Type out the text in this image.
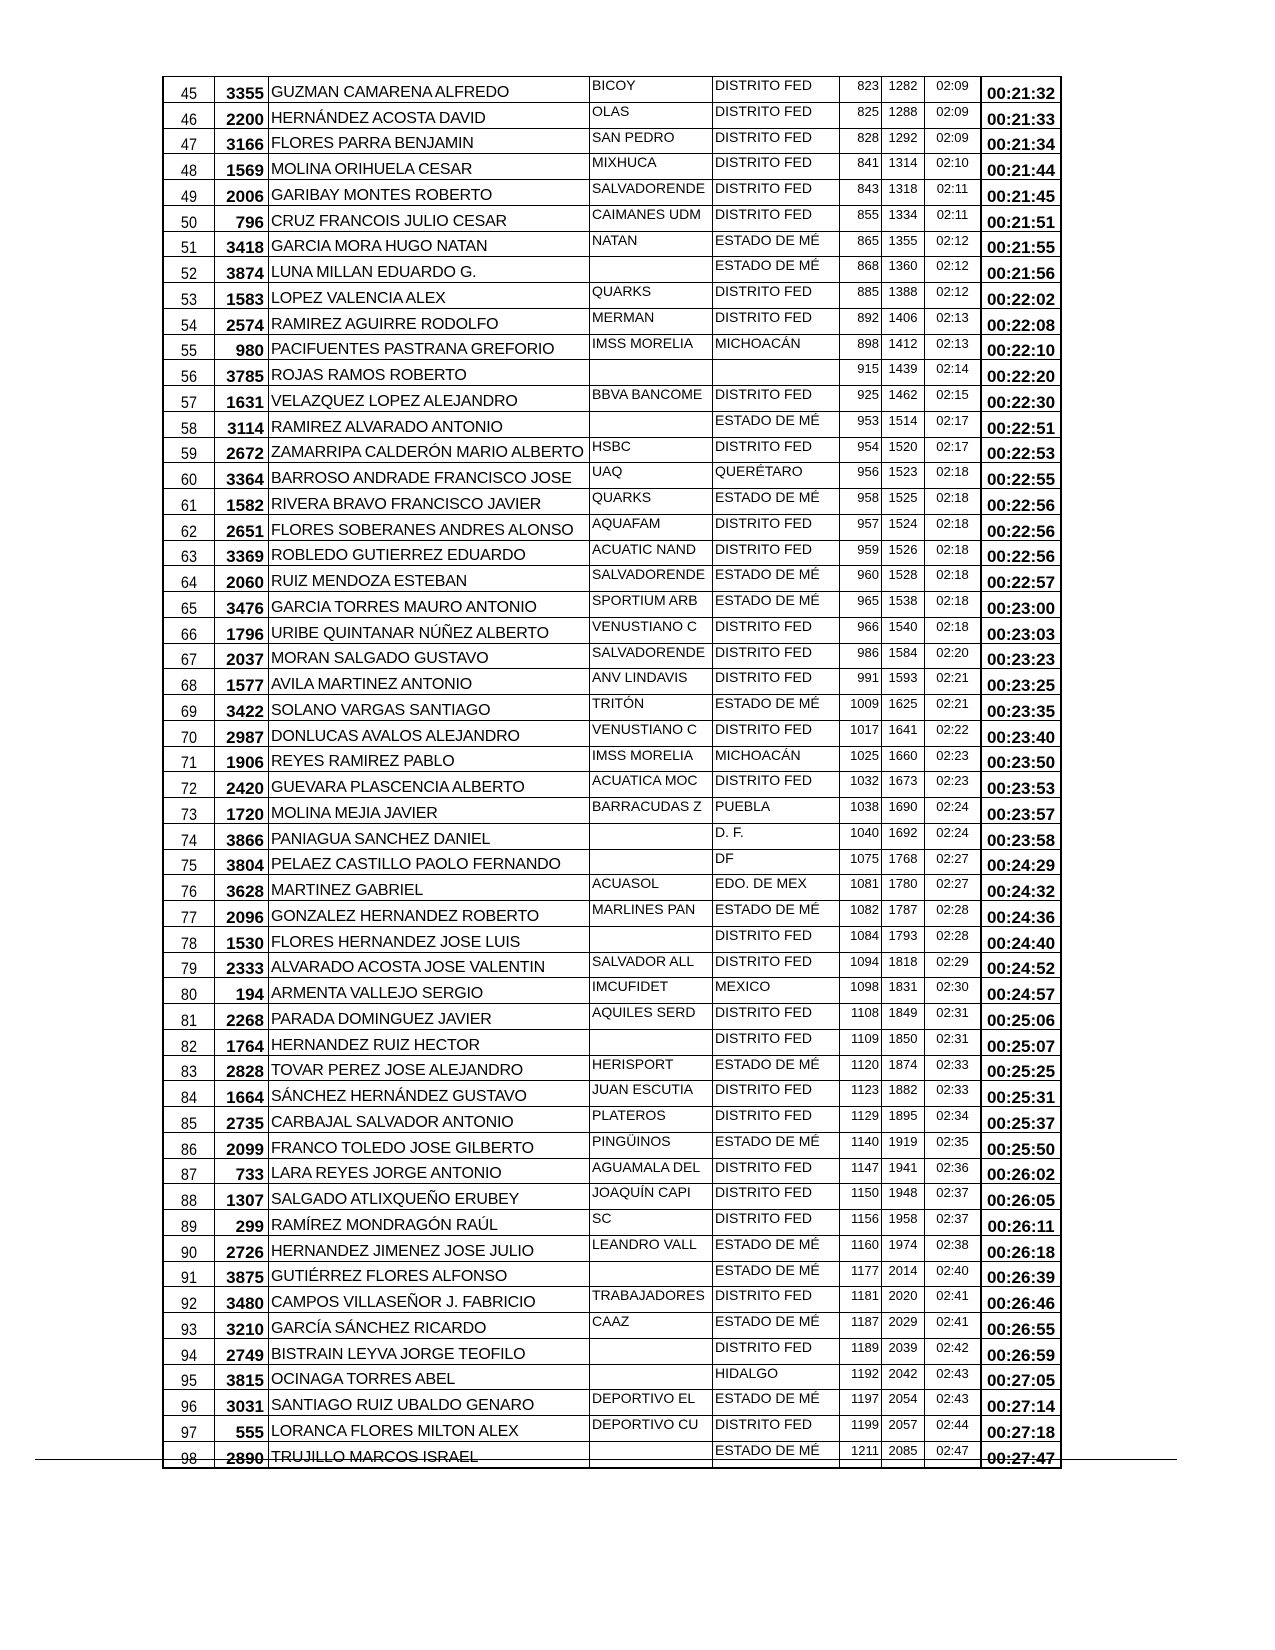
45	3355	GUZMAN CAMARENA ALFREDO	BICOY	DISTRITO FED	823	1282	02:09	00:21:32
46	2200	HERNÁNDEZ ACOSTA DAVID	OLAS	DISTRITO FED	825	1288	02:09	00:21:33
47	3166	FLORES PARRA BENJAMIN	SAN PEDRO	DISTRITO FED	828	1292	02:09	00:21:34
48	1569	MOLINA ORIHUELA CESAR	MIXHUCA	DISTRITO FED	841	1314	02:10	00:21:44
49	2006	GARIBAY MONTES ROBERTO	SALVADORENDE	DISTRITO FED	843	1318	02:11	00:21:45
50	796	CRUZ FRANCOIS JULIO CESAR	CAIMANES UDM	DISTRITO FED	855	1334	02:11	00:21:51
51	3418	GARCIA MORA HUGO NATAN	NATAN	ESTADO DE MÉ	865	1355	02:12	00:21:55
52	3874	LUNA MILLAN EDUARDO G.		ESTADO DE MÉ	868	1360	02:12	00:21:56
53	1583	LOPEZ VALENCIA ALEX	QUARKS	DISTRITO FED	885	1388	02:12	00:22:02
54	2574	RAMIREZ AGUIRRE RODOLFO	MERMAN	DISTRITO FED	892	1406	02:13	00:22:08
55	980	PACIFUENTES PASTRANA GREFORIO	IMSS MORELIA	MICHOACÁN	898	1412	02:13	00:22:10
56	3785	ROJAS RAMOS ROBERTO			915	1439	02:14	00:22:20
57	1631	VELAZQUEZ LOPEZ ALEJANDRO	BBVA BANCOME	DISTRITO FED	925	1462	02:15	00:22:30
58	3114	RAMIREZ ALVARADO ANTONIO		ESTADO DE MÉ	953	1514	02:17	00:22:51
59	2672	ZAMARRIPA CALDERÓN MARIO ALBERTO	HSBC	DISTRITO FED	954	1520	02:17	00:22:53
60	3364	BARROSO ANDRADE FRANCISCO JOSE	UAQ	QUERÉTARO	956	1523	02:18	00:22:55
61	1582	RIVERA BRAVO FRANCISCO JAVIER	QUARKS	ESTADO DE MÉ	958	1525	02:18	00:22:56
62	2651	FLORES SOBERANES ANDRES ALONSO	AQUAFAM	DISTRITO FED	957	1524	02:18	00:22:56
63	3369	ROBLEDO GUTIERREZ EDUARDO	ACUATIC NAND	DISTRITO FED	959	1526	02:18	00:22:56
64	2060	RUIZ MENDOZA ESTEBAN	SALVADORENDE	ESTADO DE MÉ	960	1528	02:18	00:22:57
65	3476	GARCIA TORRES MAURO ANTONIO	SPORTIUM ARB	ESTADO DE MÉ	965	1538	02:18	00:23:00
66	1796	URIBE QUINTANAR NÚÑEZ ALBERTO	VENUSTIANO C	DISTRITO FED	966	1540	02:18	00:23:03
67	2037	MORAN SALGADO GUSTAVO	SALVADORENDE	DISTRITO FED	986	1584	02:20	00:23:23
68	1577	AVILA MARTINEZ ANTONIO	ANV LINDAVIS	DISTRITO FED	991	1593	02:21	00:23:25
69	3422	SOLANO VARGAS SANTIAGO	TRITÓN	ESTADO DE MÉ	1009	1625	02:21	00:23:35
70	2987	DONLUCAS AVALOS ALEJANDRO	VENUSTIANO C	DISTRITO FED	1017	1641	02:22	00:23:40
71	1906	REYES RAMIREZ PABLO	IMSS MORELIA	MICHOACÁN	1025	1660	02:23	00:23:50
72	2420	GUEVARA PLASCENCIA ALBERTO	ACUATICA MOC	DISTRITO FED	1032	1673	02:23	00:23:53
73	1720	MOLINA MEJIA JAVIER	BARRACUDAS Z	PUEBLA	1038	1690	02:24	00:23:57
74	3866	PANIAGUA SANCHEZ DANIEL		D. F.	1040	1692	02:24	00:23:58
75	3804	PELAEZ CASTILLO PAOLO FERNANDO		DF	1075	1768	02:27	00:24:29
76	3628	MARTINEZ GABRIEL	ACUASOL	EDO. DE MEX	1081	1780	02:27	00:24:32
77	2096	GONZALEZ HERNANDEZ ROBERTO	MARLINES PAN	ESTADO DE MÉ	1082	1787	02:28	00:24:36
78	1530	FLORES HERNANDEZ JOSE LUIS		DISTRITO FED	1084	1793	02:28	00:24:40
79	2333	ALVARADO ACOSTA JOSE VALENTIN	SALVADOR ALL	DISTRITO FED	1094	1818	02:29	00:24:52
80	194	ARMENTA VALLEJO SERGIO	IMCUFIDET	MEXICO	1098	1831	02:30	00:24:57
81	2268	PARADA DOMINGUEZ JAVIER	AQUILES SERD	DISTRITO FED	1108	1849	02:31	00:25:06
82	1764	HERNANDEZ RUIZ HECTOR		DISTRITO FED	1109	1850	02:31	00:25:07
83	2828	TOVAR PEREZ JOSE ALEJANDRO	HERISPORT	ESTADO DE MÉ	1120	1874	02:33	00:25:25
84	1664	SÁNCHEZ HERNÁNDEZ GUSTAVO	JUAN ESCUTIA	DISTRITO FED	1123	1882	02:33	00:25:31
85	2735	CARBAJAL SALVADOR ANTONIO	PLATEROS	DISTRITO FED	1129	1895	02:34	00:25:37
86	2099	FRANCO TOLEDO JOSE GILBERTO	PINGÜINOS	ESTADO DE MÉ	1140	1919	02:35	00:25:50
87	733	LARA REYES JORGE ANTONIO	AGUAMALA DEL	DISTRITO FED	1147	1941	02:36	00:26:02
88	1307	SALGADO ATLIXQUEÑO ERUBEY	JOAQUÍN CAPI	DISTRITO FED	1150	1948	02:37	00:26:05
89	299	RAMÍREZ MONDRAGÓN RAÚL	SC	DISTRITO FED	1156	1958	02:37	00:26:11
90	2726	HERNANDEZ JIMENEZ JOSE JULIO	LEANDRO VALL	ESTADO DE MÉ	1160	1974	02:38	00:26:18
91	3875	GUTIÉRREZ FLORES ALFONSO		ESTADO DE MÉ	1177	2014	02:40	00:26:39
92	3480	CAMPOS VILLASEÑOR J. FABRICIO	TRABAJADORES	DISTRITO FED	1181	2020	02:41	00:26:46
93	3210	GARCÍA SÁNCHEZ RICARDO	CAAZ	ESTADO DE MÉ	1187	2029	02:41	00:26:55
94	2749	BISTRAIN LEYVA JORGE TEOFILO		DISTRITO FED	1189	2039	02:42	00:26:59
95	3815	OCINAGA TORRES ABEL		HIDALGO	1192	2042	02:43	00:27:05
96	3031	SANTIAGO RUIZ UBALDO GENARO	DEPORTIVO EL	ESTADO DE MÉ	1197	2054	02:43	00:27:14
97	555	LORANCA FLORES MILTON ALEX	DEPORTIVO CU	DISTRITO FED	1199	2057	02:44	00:27:18
98	2890	TRUJILLO MARCOS ISRAEL		ESTADO DE MÉ	1211	2085	02:47	00:27:47
